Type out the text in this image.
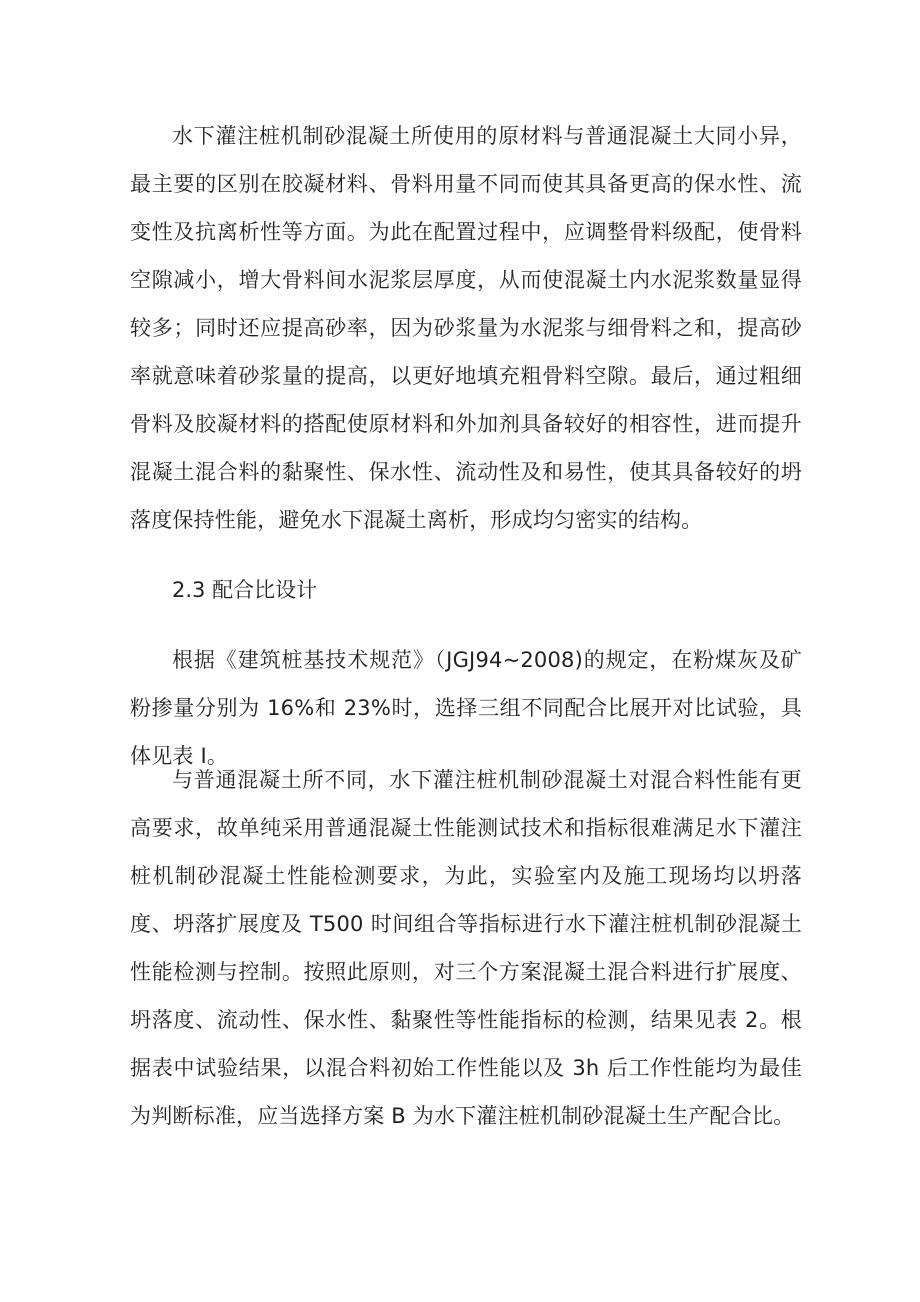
水下灌注桩机制砂混凝土所使用的原材料与普通混凝土大同小异，最主要的区别在胶凝材料、骨料用量不同而使其具备更高的保水性、流变性及抗离析性等方面。为此在配置过程中，应调整骨料级配，使骨料空隙减小，增大骨料间水泥浆层厚度，从而使混凝土内水泥浆数量显得较多；同时还应提高砂率，因为砂浆量为水泥浆与细骨料之和，提高砂率就意味着砂浆量的提高，以更好地填充粗骨料空隙。最后，通过粗细骨料及胶凝材料的搭配使原材料和外加剂具备较好的相容性，进而提升混凝土混合料的黏聚性、保水性、流动性及和易性，使其具备较好的坍落度保持性能，避免水下混凝土离析，形成均匀密实的结构。

2.3 配合比设计

根据《建筑桩基技术规范》（JGJ94~2008)的规定，在粉煤灰及矿粉掺量分别为 16%和 23%时，选择三组不同配合比展开对比试验，具体见表 I。

与普通混凝土所不同，水下灌注桩机制砂混凝土对混合料性能有更高要求，故单纯采用普通混凝土性能测试技术和指标很难满足水下灌注桩机制砂混凝土性能检测要求，为此，实验室内及施工现场均以坍落度、坍落扩展度及 T500 时间组合等指标进行水下灌注桩机制砂混凝土性能检测与控制。按照此原则，对三个方案混凝土混合料进行扩展度、坍落度、流动性、保水性、黏聚性等性能指标的检测，结果见表 2。根据表中试验结果，以混合料初始工作性能以及 3h 后工作性能均为最佳为判断标准，应当选择方案 B 为水下灌注桩机制砂混凝土生产配合比。
